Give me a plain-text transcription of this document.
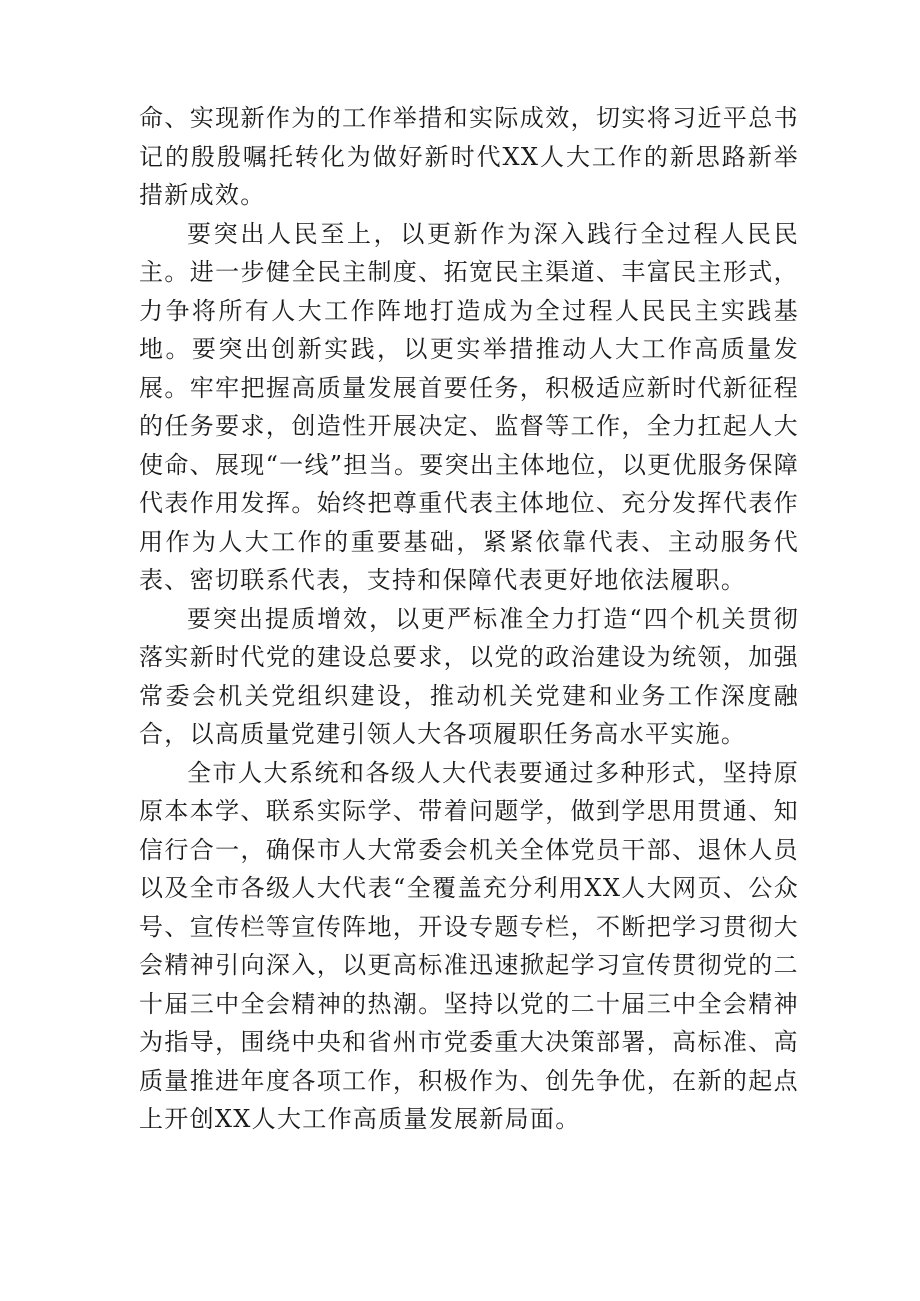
命、实现新作为的工作举措和实际成效，切实将习近平总书记的殷殷嘱托转化为做好新时代XX人大工作的新思路新举措新成效。

要突出人民至上，以更新作为深入践行全过程人民民主。进一步健全民主制度、拓宽民主渠道、丰富民主形式，力争将所有人大工作阵地打造成为全过程人民民主实践基地。要突出创新实践，以更实举措推动人大工作高质量发展。牢牢把握高质量发展首要任务，积极适应新时代新征程的任务要求，创造性开展决定、监督等工作，全力扛起人大使命、展现“一线”担当。要突出主体地位，以更优服务保障代表作用发挥。始终把尊重代表主体地位、充分发挥代表作用作为人大工作的重要基础，紧紧依靠代表、主动服务代表、密切联系代表，支持和保障代表更好地依法履职。

要突出提质增效，以更严标准全力打造“四个机关贯彻落实新时代党的建设总要求，以党的政治建设为统领，加强常委会机关党组织建设，推动机关党建和业务工作深度融合，以高质量党建引领人大各项履职任务高水平实施。

全市人大系统和各级人大代表要通过多种形式，坚持原原本本学、联系实际学、带着问题学，做到学思用贯通、知信行合一，确保市人大常委会机关全体党员干部、退休人员以及全市各级人大代表“全覆盖充分利用XX人大网页、公众号、宣传栏等宣传阵地，开设专题专栏，不断把学习贯彻大会精神引向深入，以更高标准迅速掀起学习宣传贯彻党的二十届三中全会精神的热潮。坚持以党的二十届三中全会精神为指导，围绕中央和省州市党委重大决策部署，高标准、高质量推进年度各项工作，积极作为、创先争优，在新的起点上开创XX人大工作高质量发展新局面。
